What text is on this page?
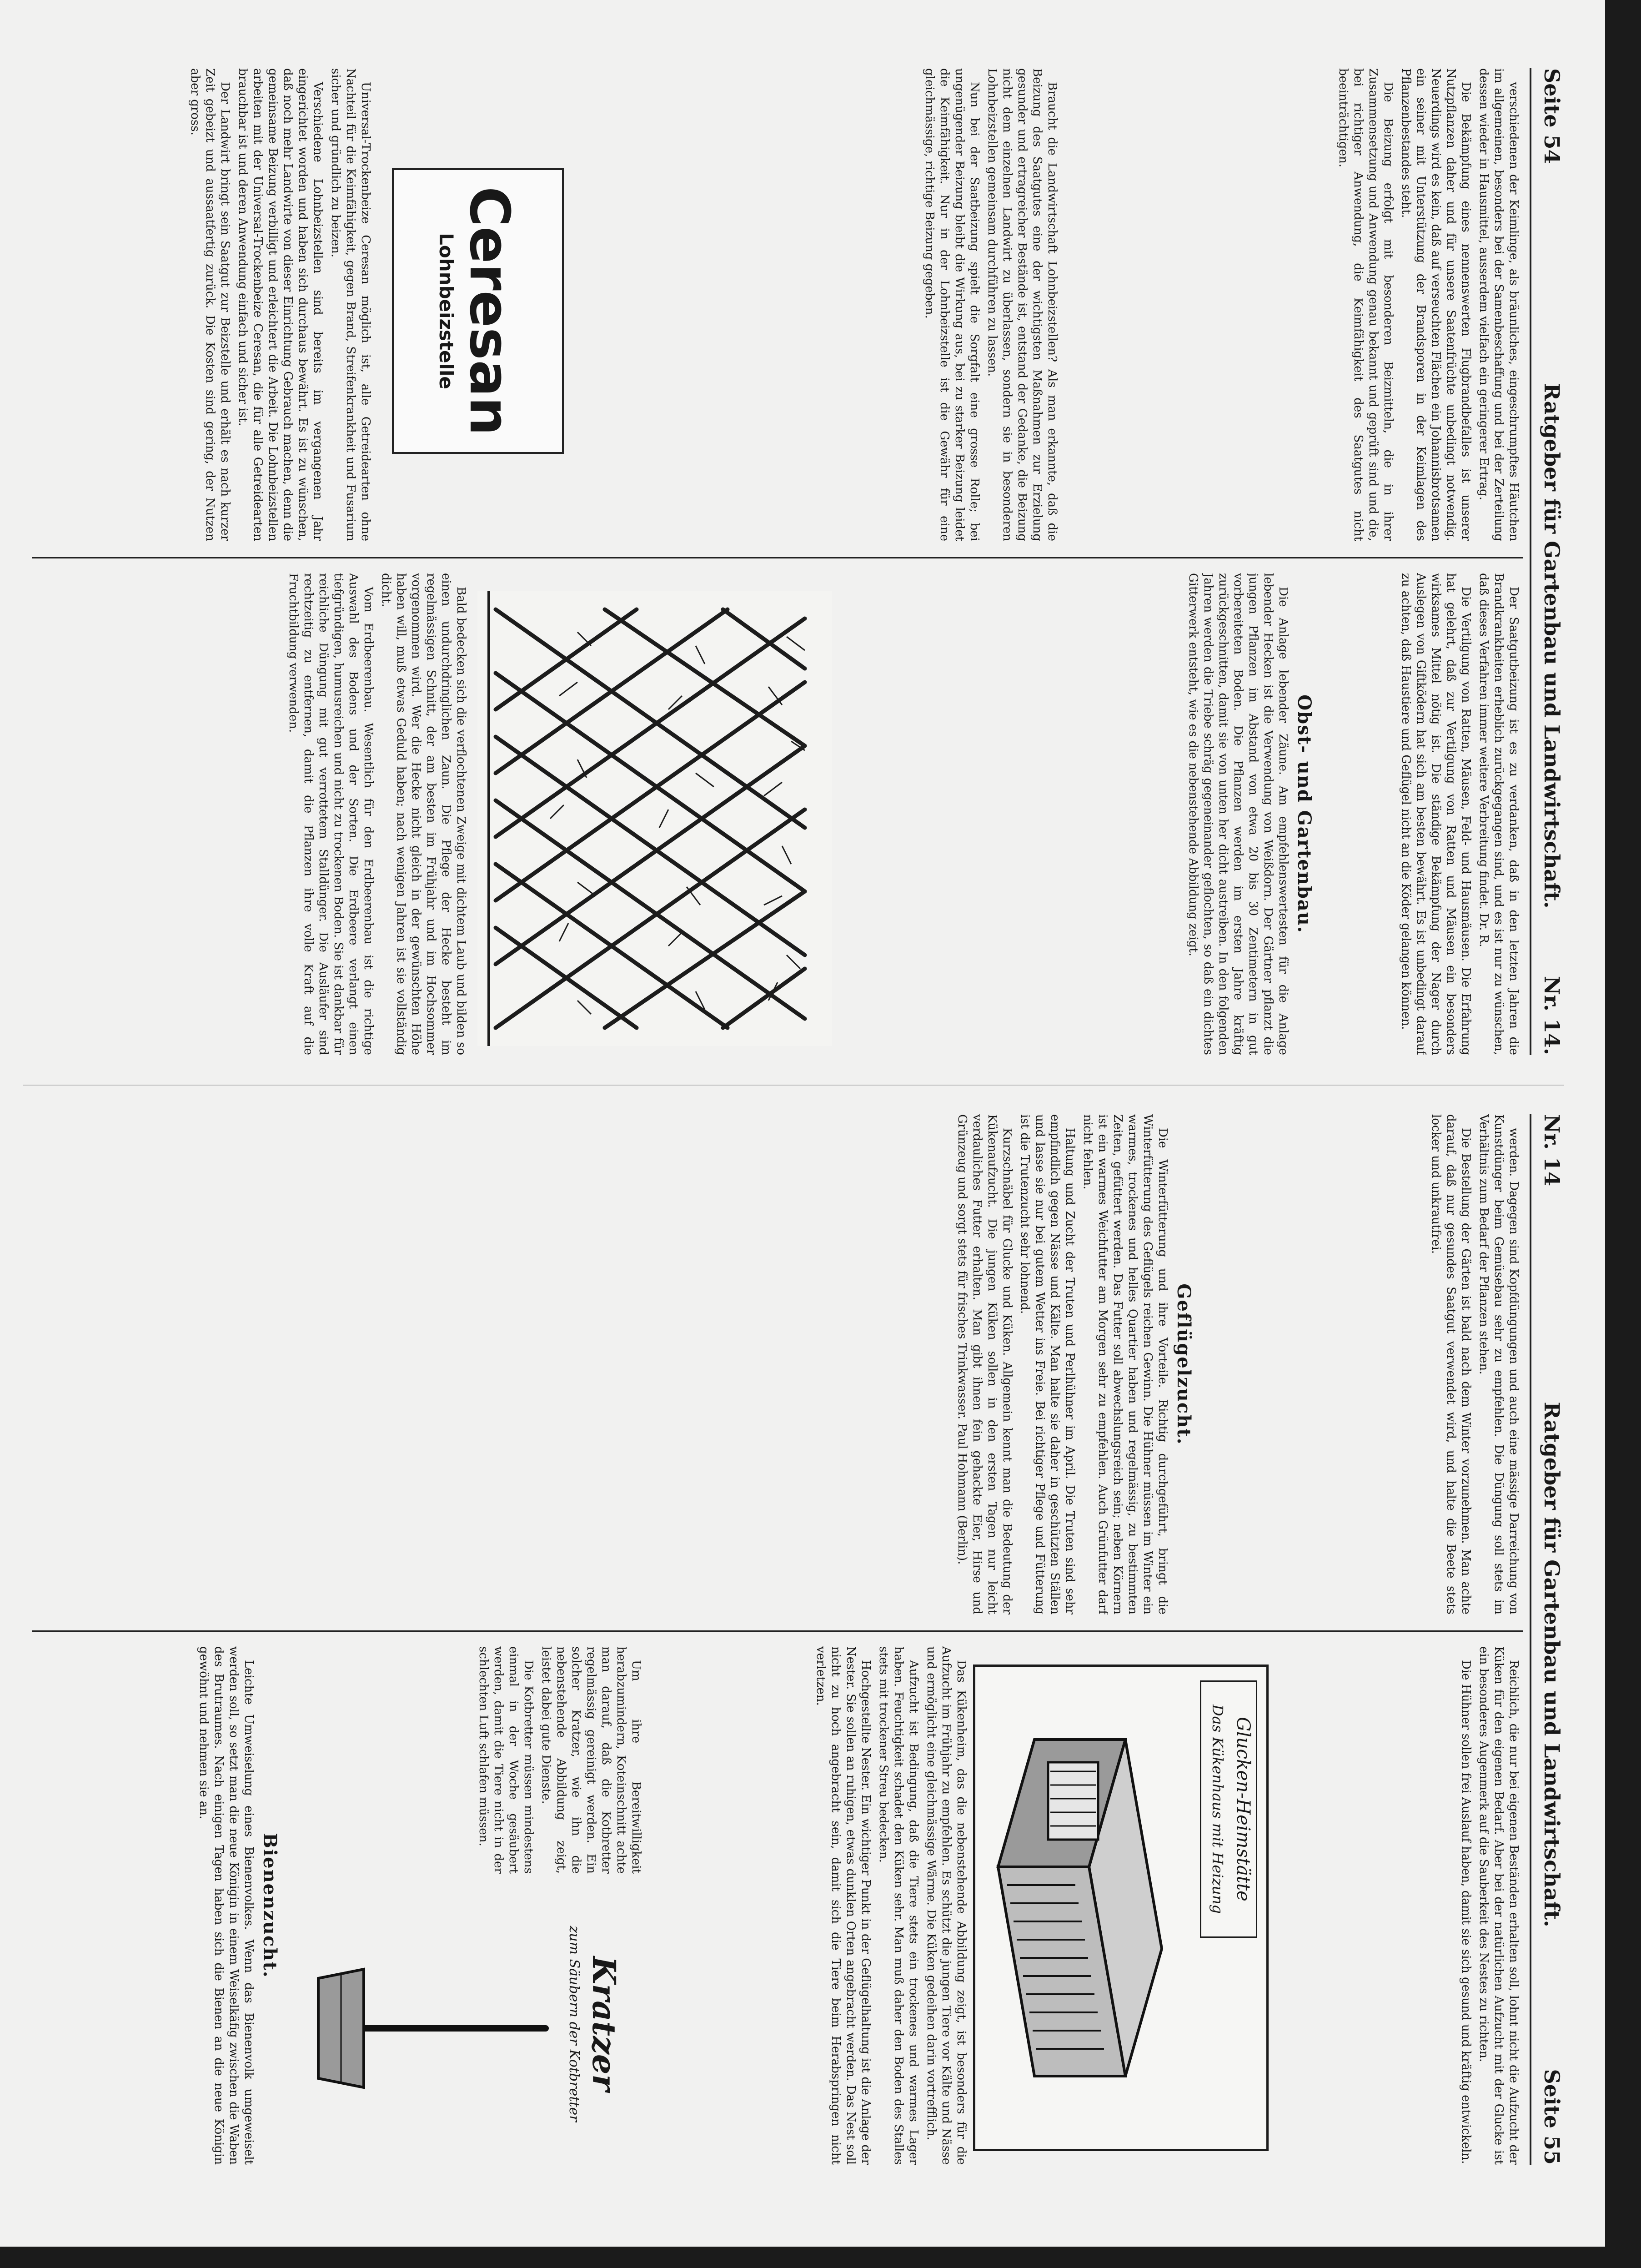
Seite 54
Ratgeber für Gartenbau und Landwirtschaft.
Nr. 14.

verschiedenen der Keimlinge, als bräunliches, eingeschrumpftes Häutchen im allgemeinen, besonders bei der Samenbeschaffung und bei der Zerteilung dessen wieder in Hausmittel, ausserdem vielfach ein geringerer Ertrag.

Die Bekämpfung eines nennenswerten Flugbrandbefalles ist unserer Nutzpflanzen daher und für unsere Saatenfrüchte unbedingt notwendig. Neuerdings wird es kein, daß auf verseuchten Flächen ein Johannisbrotsamen ein seiner mit Unterstützung der Brandsporen in der Keimlagen des Pflanzenbestandes steht.

Die Beizung erfolgt mit besonderen Beizmitteln, die in ihrer Zusammensetzung und Anwendung genau bekannt und geprüft sind und die, bei richtiger Anwendung, die Keimfähigkeit des Saatgutes nicht beeinträchtigen.

Braucht die Landwirtschaft Lohnbeizstellen? Als man erkannte, daß die Beizung des Saatgutes eine der wichtigsten Maßnahmen zur Erzielung gesunder und ertragreicher Bestände ist, entstand der Gedanke, die Beizung nicht dem einzelnen Landwirt zu überlassen, sondern sie in besonderen Lohnbeizstellen gemeinsam durchführen zu lassen.

Nun bei der Saatbeizung spielt die Sorgfalt eine grosse Rolle; bei ungenügender Beizung bleibt die Wirkung aus, bei zu starker Beizung leidet die Keimfähigkeit. Nur in der Lohnbeizstelle ist die Gewähr für eine gleichmässige, richtige Beizung gegeben.

Ceresan
Lohnbeizstelle

Universal-Trockenbeize Ceresan möglich ist, alle Getreidearten ohne Nachteil für die Keimfähigkeit, gegen Brand, Streifenkrankheit und Fusarium sicher und gründlich zu beizen.

Verschiedene Lohnbeizstellen sind bereits im vergangenen Jahr eingerichtet worden und haben sich durchaus bewährt. Es ist zu wünschen, daß noch mehr Landwirte von dieser Einrichtung Gebrauch machen, denn die gemeinsame Beizung verbilligt und erleichtert die Arbeit. Die Lohnbeizstellen arbeiten mit der Universal-Trockenbeize Ceresan, die für alle Getreidearten brauchbar ist und deren Anwendung einfach und sicher ist.

Der Landwirt bringt sein Saatgut zur Beizstelle und erhält es nach kurzer Zeit gebeizt und aussaatfertig zurück. Die Kosten sind gering, der Nutzen aber gross.

Der Saatgutbeizung ist es zu verdanken, daß in den letzten Jahren die Brandkrankheiten erheblich zurückgegangen sind, und es ist nur zu wünschen, daß dieses Verfahren immer weitere Verbreitung findet. Dr. R.

Die Vertilgung von Ratten, Mäusen, Feld- und Hausmäusen. Die Erfahrung hat gelehrt, daß zur Vertilgung von Ratten und Mäusen ein besonders wirksames Mittel nötig ist. Die ständige Bekämpfung der Nager durch Auslegen von Giftködern hat sich am besten bewährt. Es ist unbedingt darauf zu achten, daß Haustiere und Geflügel nicht an die Köder gelangen können.

Obst- und Gartenbau.

Die Anlage lebender Zäune. Am empfehlenswertesten für die Anlage lebender Hecken ist die Verwendung von Weißdorn. Der Gärtner pflanzt die jungen Pflanzen im Abstand von etwa 20 bis 30 Zentimetern in gut vorbereiteten Boden. Die Pflanzen werden im ersten Jahre kräftig zurückgeschnitten, damit sie von unten her dicht austreiben. In den folgenden Jahren werden die Triebe schräg gegeneinander geflochten, so daß ein dichtes Gitterwerk entsteht, wie es die nebenstehende Abbildung zeigt.

Bald bedecken sich die verflochtenen Zweige mit dichtem Laub und bilden so einen undurchdringlichen Zaun. Die Pflege der Hecke besteht im regelmässigen Schnitt, der am besten im Frühjahr und im Hochsommer vorgenommen wird. Wer die Hecke nicht gleich in der gewünschten Höhe haben will, muß etwas Geduld haben; nach wenigen Jahren ist sie vollständig dicht.

Vom Erdbeerenbau. Wesentlich für den Erdbeerenbau ist die richtige Auswahl des Bodens und der Sorten. Die Erdbeere verlangt einen tiefgründigen, humusreichen und nicht zu trockenen Boden. Sie ist dankbar für reichliche Düngung mit gut verrottetem Stalldünger. Die Ausläufer sind rechtzeitig zu entfernen, damit die Pflanzen ihre volle Kraft auf die Fruchtbildung verwenden.

Nr. 14
Ratgeber für Gartenbau und Landwirtschaft.
Seite 55

werden. Dagegen sind Kopfdüngungen und auch eine mässige Darreichung von Kunstdünger beim Gemüsebau sehr zu empfehlen. Die Düngung soll stets im Verhältnis zum Bedarf der Pflanzen stehen.

Die Bestellung der Gärten ist bald nach dem Winter vorzunehmen. Man achte darauf, daß nur gesundes Saatgut verwendet wird, und halte die Beete stets locker und unkrautfrei.

Geflügelzucht.

Die Winterfütterung und ihre Vorteile. Richtig durchgeführt, bringt die Winterfütterung des Geflügels reichen Gewinn. Die Hühner müssen im Winter ein warmes, trockenes und helles Quartier haben und regelmässig, zu bestimmten Zeiten, gefüttert werden. Das Futter soll abwechslungsreich sein; neben Körnern ist ein warmes Weichfutter am Morgen sehr zu empfehlen. Auch Grünfutter darf nicht fehlen.

Haltung und Zucht der Truten und Perlhühner im April. Die Truten sind sehr empfindlich gegen Nässe und Kälte. Man halte sie daher in geschützten Ställen und lasse sie nur bei gutem Wetter ins Freie. Bei richtiger Pflege und Fütterung ist die Trutenzucht sehr lohnend.

Kurzschnäbel für Glucke und Küken. Allgemein kennt man die Bedeutung der Kükenaufzucht. Die jungen Küken sollen in den ersten Tagen nur leicht verdauliches Futter erhalten. Man gibt ihnen fein gehackte Eier, Hirse und Grünzeug und sorgt stets für frisches Trinkwasser. Paul Hohmann (Berlin).

Reichlich, die nur bei eigenen Beständen erhalten soll, lohnt nicht die Aufzucht der Küken für den eigenen Bedarf. Aber bei der natürlichen Aufzucht mit der Glucke ist ein besonderes Augenmerk auf die Sauberkeit des Nestes zu richten.

Die Hühner sollen frei Auslauf haben, damit sie sich gesund und kräftig entwickeln.

Glucken-Heimstätte
Das Kükenhaus mit Heizung

Das Kükenheim, das die nebenstehende Abbildung zeigt, ist besonders für die Aufzucht im Frühjahr zu empfehlen. Es schützt die jungen Tiere vor Kälte und Nässe und ermöglicht eine gleichmässige Wärme. Die Küken gedeihen darin vortrefflich.

Aufzucht ist Bedingung, daß die Tiere stets ein trockenes und warmes Lager haben. Feuchtigkeit schadet den Küken sehr. Man muß daher den Boden des Stalles stets mit trockener Streu bedecken.

Hochgestellte Nester. Ein wichtiger Punkt in der Geflügelhaltung ist die Anlage der Nester. Sie sollen an ruhigen, etwas dunklen Orten angebracht werden. Das Nest soll nicht zu hoch angebracht sein, damit sich die Tiere beim Herabspringen nicht verletzen.

Um ihre Bereitwilligkeit herabzumindern, Koteinschnitt achte man darauf, daß die Kotbretter regelmässig gereinigt werden. Ein solcher Kratzer, wie ihn die nebenstehende Abbildung zeigt, leistet dabei gute Dienste.

Die Kotbretter müssen mindestens einmal in der Woche gesäubert werden, damit die Tiere nicht in der schlechten Luft schlafen müssen.

Kratzer
zum Säubern der Kotbretter
Bienenzucht.

Leichte Umweiselung eines Bienenvolkes. Wenn das Bienenvolk umgeweiselt werden soll, so setzt man die neue Königin in einem Weiselkäfig zwischen die Waben des Brutraumes. Nach einigen Tagen haben sich die Bienen an die neue Königin gewöhnt und nehmen sie an.
